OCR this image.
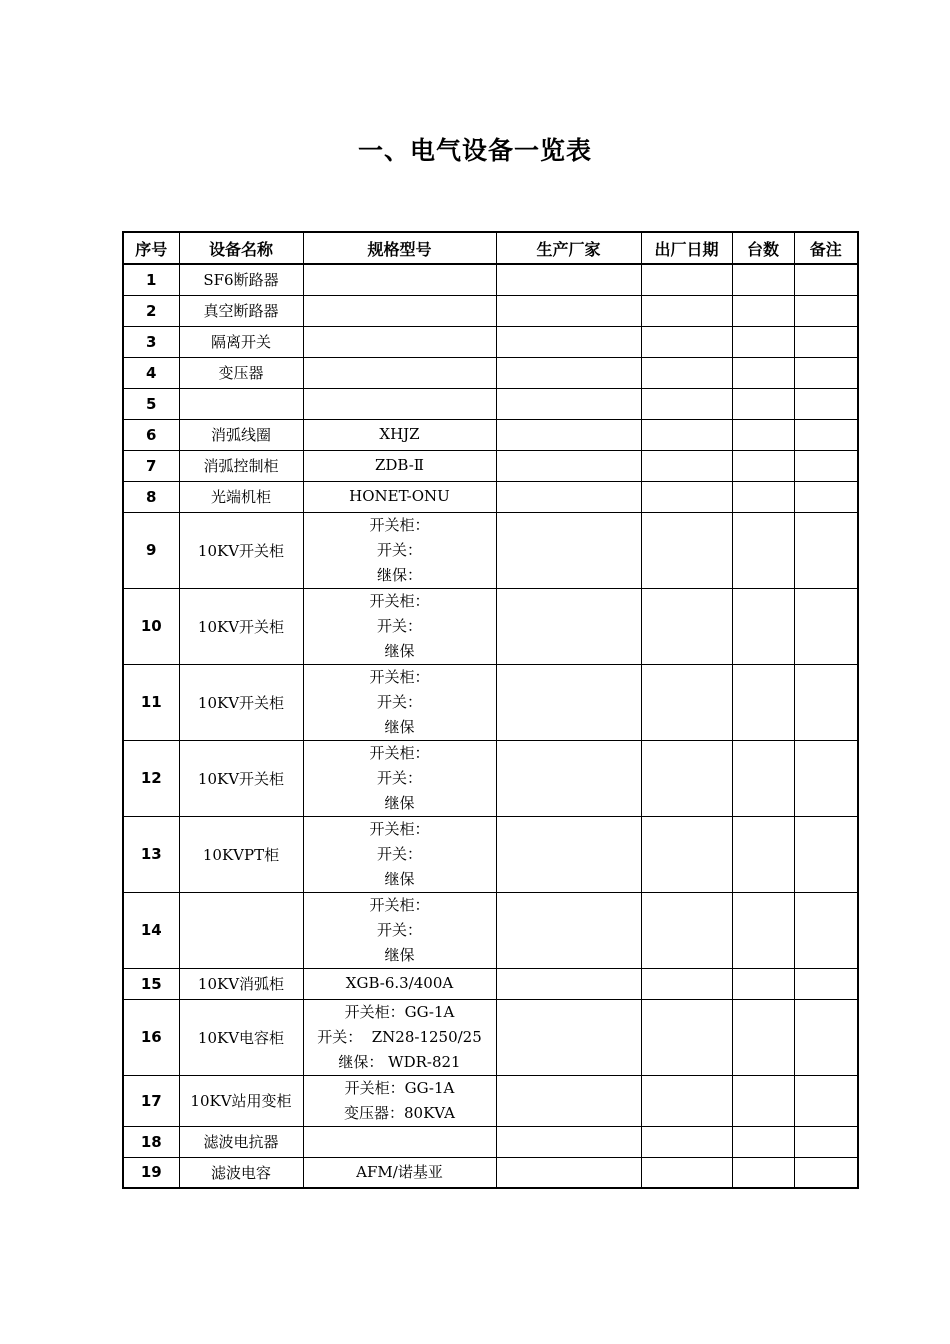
一、电气设备一览表
序号	设备名称	规格型号	生产厂家	出厂日期	台数	备注
1	SF6断路器	

2	真空断路器	

3	隔离开关	

4	变压器	

5		

6	消弧线圈	XHJZ				

7	消弧控制柜	ZDB-Ⅱ				

8	光端机柜	HONET-ONU				

9	10KV开关柜	开关柜：
开关：
继保：				

10	10KV开关柜	开关柜：
开关：
继保				

11	10KV开关柜	开关柜：
开关：
继保				

12	10KV开关柜	开关柜：
开关：
继保				

13	10KVPT柜	开关柜：
开关：
继保				

14		开关柜：
开关：
继保				

15	10KV消弧柜	XGB-6.3/400A				

16	10KV电容柜	开关柜：GG-1A
开关：  ZN28-1250/25
继保： WDR-821				

17	10KV站用变柜	开关柜：GG-1A
变压器：80KVA				

18	滤波电抗器	

19	滤波电容	AFM/诺基亚				
